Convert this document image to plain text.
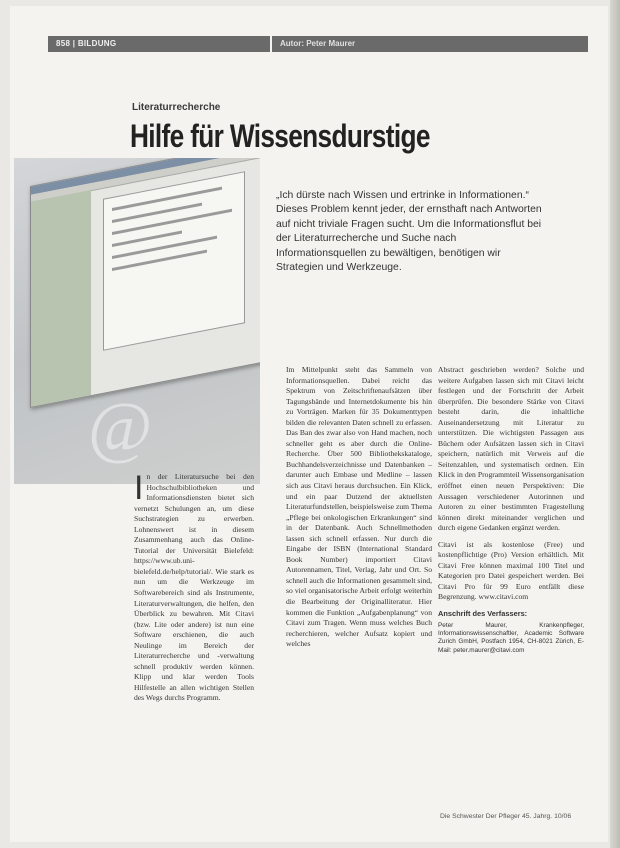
858 | BILDUNG	Autor: Peter Maurer
Literaturrecherche
Hilfe für Wissensdurstige

@
„Ich dürste nach Wissen und ertrinke in Informationen.“ Dieses Problem kennt jeder, der ernsthaft nach Antworten auf nicht triviale Fragen sucht. Um die Informationsflut bei der Literaturrecherche und Suche nach Informationsquellen zu bewältigen, benötigen wir Strategien und Werkzeuge.
I n der Literatursuche bei den Hochschulbibliotheken und Informationsdiensten bietet sich vernetzt Schulungen an, um diese Suchstrategien zu erwerben. Lohnenswert ist in diesem Zusammenhang auch das Online-Tutorial der Universität Bielefeld: https://www.ub.uni-bielefeld.de/help/tutorial/. Wie stark es nun um die Werkzeuge im Softwarebereich sind als Instrumente, Literaturverwaltungen, die helfen, den Überblick zu bewahren. Mit Citavi (bzw. Lite oder andere) ist nun eine Software erschienen, die auch Neulinge im Bereich der Literaturrecherche und -verwaltung schnell produktiv werden können. Klipp und klar werden Tools Hilfestelle an allen wichtigen Stellen des Wegs durchs Programm.

Im Mittelpunkt steht das Sammeln von Informationsquellen. Dabei reicht das Spektrum von Zeitschriftenaufsätzen über Tagungsbände und Internetdokumente bis hin zu Vorträgen. Marken für 35 Dokumenttypen bilden die relevanten Daten schnell zu erfassen. Das Ban des zwar also von Hand machen, noch schneller geht es aber durch die Online-Recherche. Über 500 Bibliothekskataloge, Buchhandelsverzeichnisse und Datenbanken – darunter auch Embase und Medline – lassen sich aus Citavi heraus durchsuchen. Ein Klick, und ein paar Dutzend der aktuellsten Literaturfundstellen, beispielsweise zum Thema „Pflege bei onkologischen Erkrankungen“ sind in der Datenbank. Auch Schnellmethoden lassen sich schnell erfassen. Nur durch die Eingabe der ISBN (International Standard Book Number) importiert Citavi Autorennamen, Titel, Verlag, Jahr und Ort. So schnell auch die Informationen gesammelt sind, so viel organisatorische Arbeit erfolgt weiterhin die Bearbeitung der Originalliteratur. Hier kommen die Funktion „Aufgabenplanung“ von Citavi zum Tragen. Wenn muss welches Buch recherchieren, welcher Aufsatz kopiert und welches

Abstract geschrieben werden? Solche und weitere Aufgaben lassen sich mit Citavi leicht festlegen und der Fortschritt der Arbeit überprüfen. Die besondere Stärke von Citavi besteht darin, die inhaltliche Auseinandersetzung mit Literatur zu unterstützen. Die wichtigsten Passagen aus Büchern oder Aufsätzen lassen sich in Citavi speichern, natürlich mit Verweis auf die Seitenzahlen, und systematisch ordnen. Ein Klick in den Programmteil Wissensorganisation eröffnet einen neuen Perspektiven: Die Aussagen verschiedener Autorinnen und Autoren zu einer bestimmten Fragestellung können direkt miteinander verglichen und durch eigene Gedanken ergänzt werden.

Citavi ist als kostenlose (Free) und kostenpflichtige (Pro) Version erhältlich. Mit Citavi Free können maximal 100 Titel und Kategorien pro Datei gespeichert werden. Bei Citavi Pro für 99 Euro entfällt diese Begrenzung. www.citavi.com

Anschrift des Verfassers:
Peter Maurer, Krankenpfleger, Informationswissenschaftler, Academic Software Zurich GmbH, Postfach 1954, CH-8021 Zürich, E-Mail: peter.maurer@citavi.com
Die Schwester Der Pfleger 45. Jahrg. 10/06
